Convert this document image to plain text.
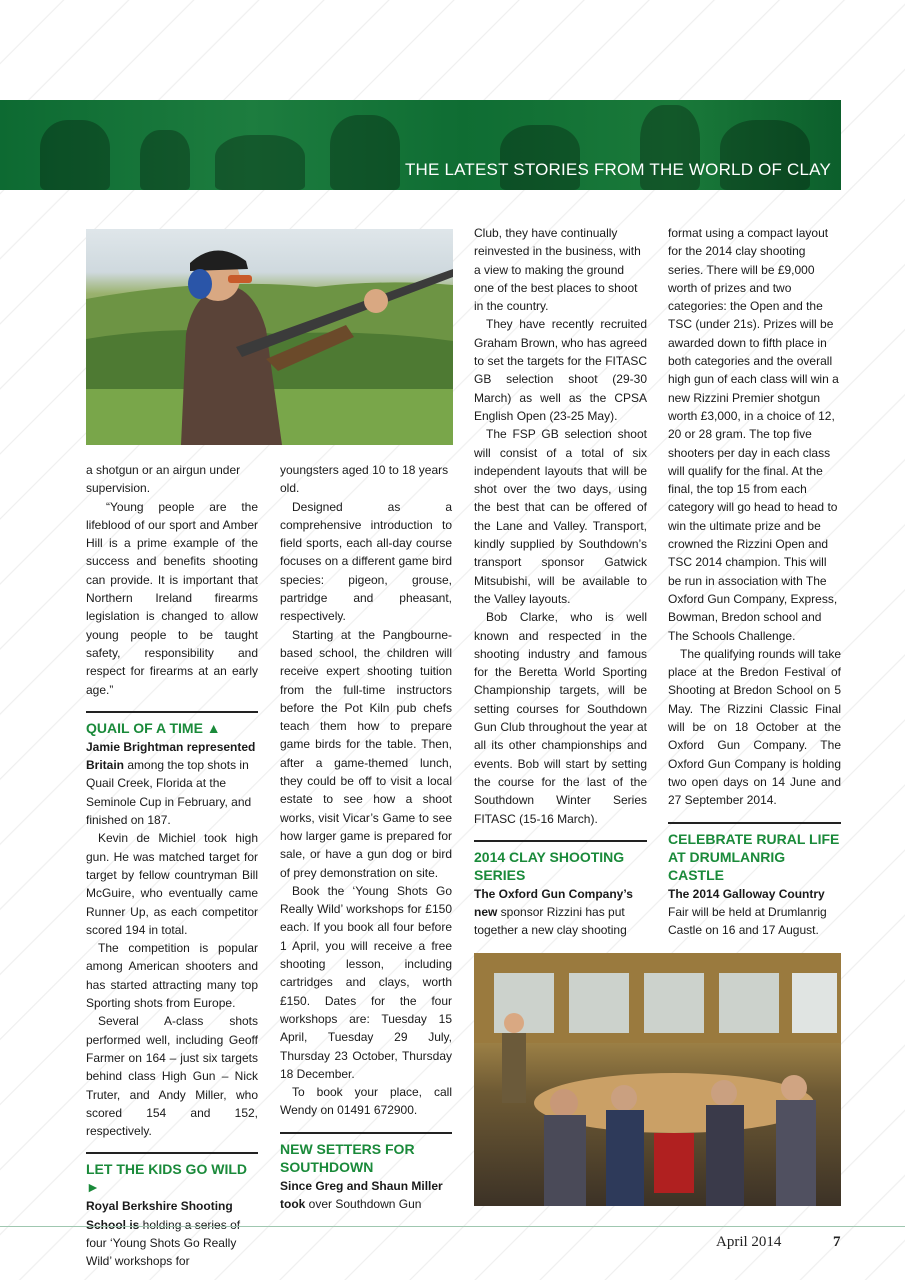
THE LATEST STORIES FROM THE WORLD OF CLAY

a shotgun or an airgun under supervision.

“Young people are the lifeblood of our sport and Amber Hill is a prime example of the success and benefits shooting can provide. It is important that Northern Ireland firearms legislation is changed to allow young people to be taught safety, responsibility and respect for firearms at an early age.”

QUAIL OF A TIME ▲

Jamie Brightman represented Britain among the top shots in Quail Creek, Florida at the Seminole Cup in February, and finished on 187.

Kevin de Michiel took high gun. He was matched target for target by fellow countryman Bill McGuire, who eventually came Runner Up, as each competitor scored 194 in total.

The competition is popular among American shooters and has started attracting many top Sporting shots from Europe.

Several A-class shots performed well, including Geoff Farmer on 164 – just six targets behind class High Gun – Nick Truter, and Andy Miller, who scored 154 and 152, respectively.

LET THE KIDS GO WILD ►

Royal Berkshire Shooting School is holding a series of four ‘Young Shots Go Really Wild’ workshops for

youngsters aged 10 to 18 years old.

Designed as a comprehensive introduction to field sports, each all-day course focuses on a different game bird species: pigeon, grouse, partridge and pheasant, respectively.

Starting at the Pangbourne-based school, the children will receive expert shooting tuition from the full-time instructors before the Pot Kiln pub chefs teach them how to prepare game birds for the table. Then, after a game-themed lunch, they could be off to visit a local estate to see how a shoot works, visit Vicar’s Game to see how larger game is prepared for sale, or have a gun dog or bird of prey demonstration on site.

Book the ‘Young Shots Go Really Wild’ workshops for £150 each. If you book all four before 1 April, you will receive a free shooting lesson, including cartridges and clays, worth £150. Dates for the four workshops are: Tuesday 15 April, Tuesday 29 July, Thursday 23 October, Thursday 18 December.

To book your place, call Wendy on 01491 672900.

NEW SETTERS FOR SOUTHDOWN

Since Greg and Shaun Miller took over Southdown Gun

Club, they have continually reinvested in the business, with a view to making the ground one of the best places to shoot in the country.

They have recently recruited Graham Brown, who has agreed to set the targets for the FITASC GB selection shoot (29-30 March) as well as the CPSA English Open (23-25 May).

The FSP GB selection shoot will consist of a total of six independent layouts that will be shot over the two days, using the best that can be offered of the Lane and Valley. Transport, kindly supplied by Southdown’s transport sponsor Gatwick Mitsubishi, will be available to the Valley layouts.

Bob Clarke, who is well known and respected in the shooting industry and famous for the Beretta World Sporting Championship targets, will be setting courses for Southdown Gun Club throughout the year at all its other championships and events. Bob will start by setting the course for the last of the Southdown Winter Series FITASC (15-16 March).

2014 CLAY SHOOTING SERIES

The Oxford Gun Company’s new sponsor Rizzini has put together a new clay shooting

format using a compact layout for the 2014 clay shooting series. There will be £9,000 worth of prizes and two categories: the Open and the TSC (under 21s). Prizes will be awarded down to fifth place in both categories and the overall high gun of each class will win a new Rizzini Premier shotgun worth £3,000, in a choice of 12, 20 or 28 gram. The top five shooters per day in each class will qualify for the final. At the final, the top 15 from each category will go head to head to win the ultimate prize and be crowned the Rizzini Open and TSC 2014 champion. This will be run in association with The Oxford Gun Company, Express, Bowman, Bredon school and The Schools Challenge.

The qualifying rounds will take place at the Bredon Festival of Shooting at Bredon School on 5 May. The Rizzini Classic Final will be on 18 October at the Oxford Gun Company. The Oxford Gun Company is holding two open days on 14 June and 27 September 2014.

CELEBRATE RURAL LIFE AT DRUMLANRIG CASTLE

The 2014 Galloway Country Fair will be held at Drumlanrig Castle on 16 and 17 August.

April 2014	7
